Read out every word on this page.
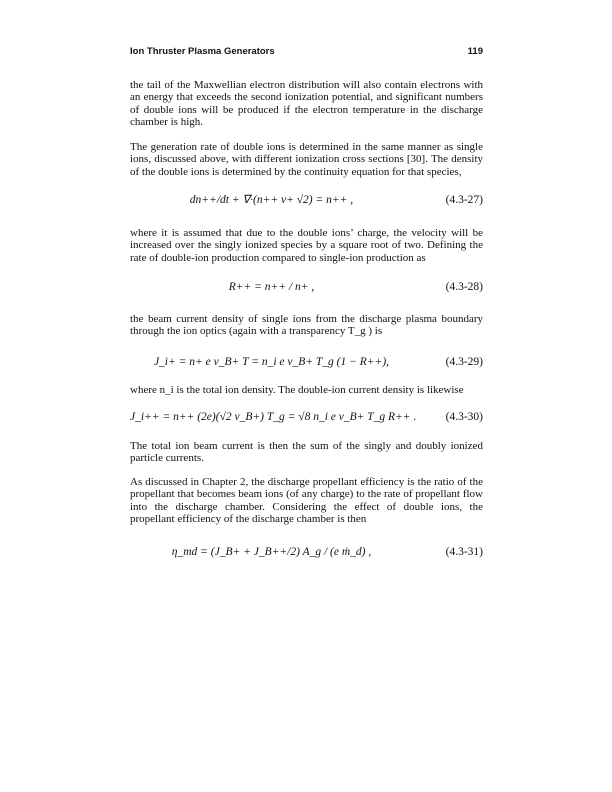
Ion Thruster Plasma Generators	119
the tail of the Maxwellian electron distribution will also contain electrons with an energy that exceeds the second ionization potential, and significant numbers of double ions will be produced if the electron temperature in the discharge chamber is high.
The generation rate of double ions is determined in the same manner as single ions, discussed above, with different ionization cross sections [30]. The density of the double ions is determined by the continuity equation for that species,
dn++/dt + ∇·(n++ v+ √2) = n++ ,	(4.3-27)
where it is assumed that due to the double ions’ charge, the velocity will be increased over the singly ionized species by a square root of two. Defining the rate of double-ion production compared to single-ion production as
R++ = n++ / n+ ,	(4.3-28)
the beam current density of single ions from the discharge plasma boundary through the ion optics (again with a transparency T_g ) is
J_i+ = n+ e v_B+ T = n_i e v_B+ T_g (1 − R++),	(4.3-29)
where n_i is the total ion density. The double-ion current density is likewise
J_i++ = n++ (2e)(√2 v_B+) T_g = √8 n_i e v_B+ T_g R++ .	(4.3-30)
The total ion beam current is then the sum of the singly and doubly ionized particle currents.
As discussed in Chapter 2, the discharge propellant efficiency is the ratio of the propellant that becomes beam ions (of any charge) to the rate of propellant flow into the discharge chamber. Considering the effect of double ions, the propellant efficiency of the discharge chamber is then
η_md = (J_B+ + J_B++/2) A_g / (e ṁ_d) ,	(4.3-31)
